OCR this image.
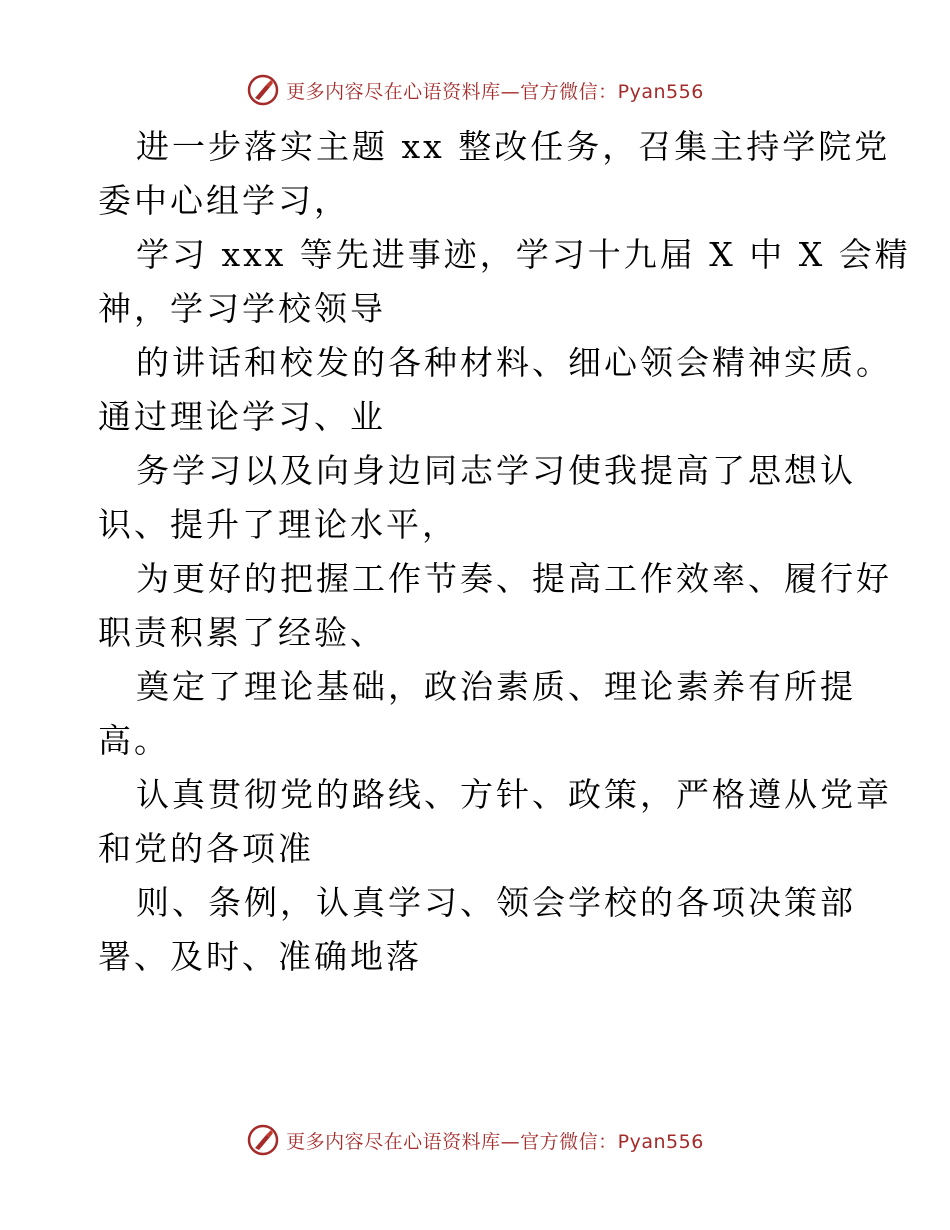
更多内容尽在心语资料库—官方微信：Pyan556
进一步落实主题 xx 整改任务，召集主持学院党
委中心组学习，
学习 xxx 等先进事迹，学习十九届 X 中 X 会精
神，学习学校领导
的讲话和校发的各种材料、细心领会精神实质。
通过理论学习、业
务学习以及向身边同志学习使我提高了思想认
识、提升了理论水平，
为更好的把握工作节奏、提高工作效率、履行好
职责积累了经验、
奠定了理论基础，政治素质、理论素养有所提
高。
认真贯彻党的路线、方针、政策，严格遵从党章
和党的各项准
则、条例，认真学习、领会学校的各项决策部
署、及时、准确地落
更多内容尽在心语资料库—官方微信：Pyan556
